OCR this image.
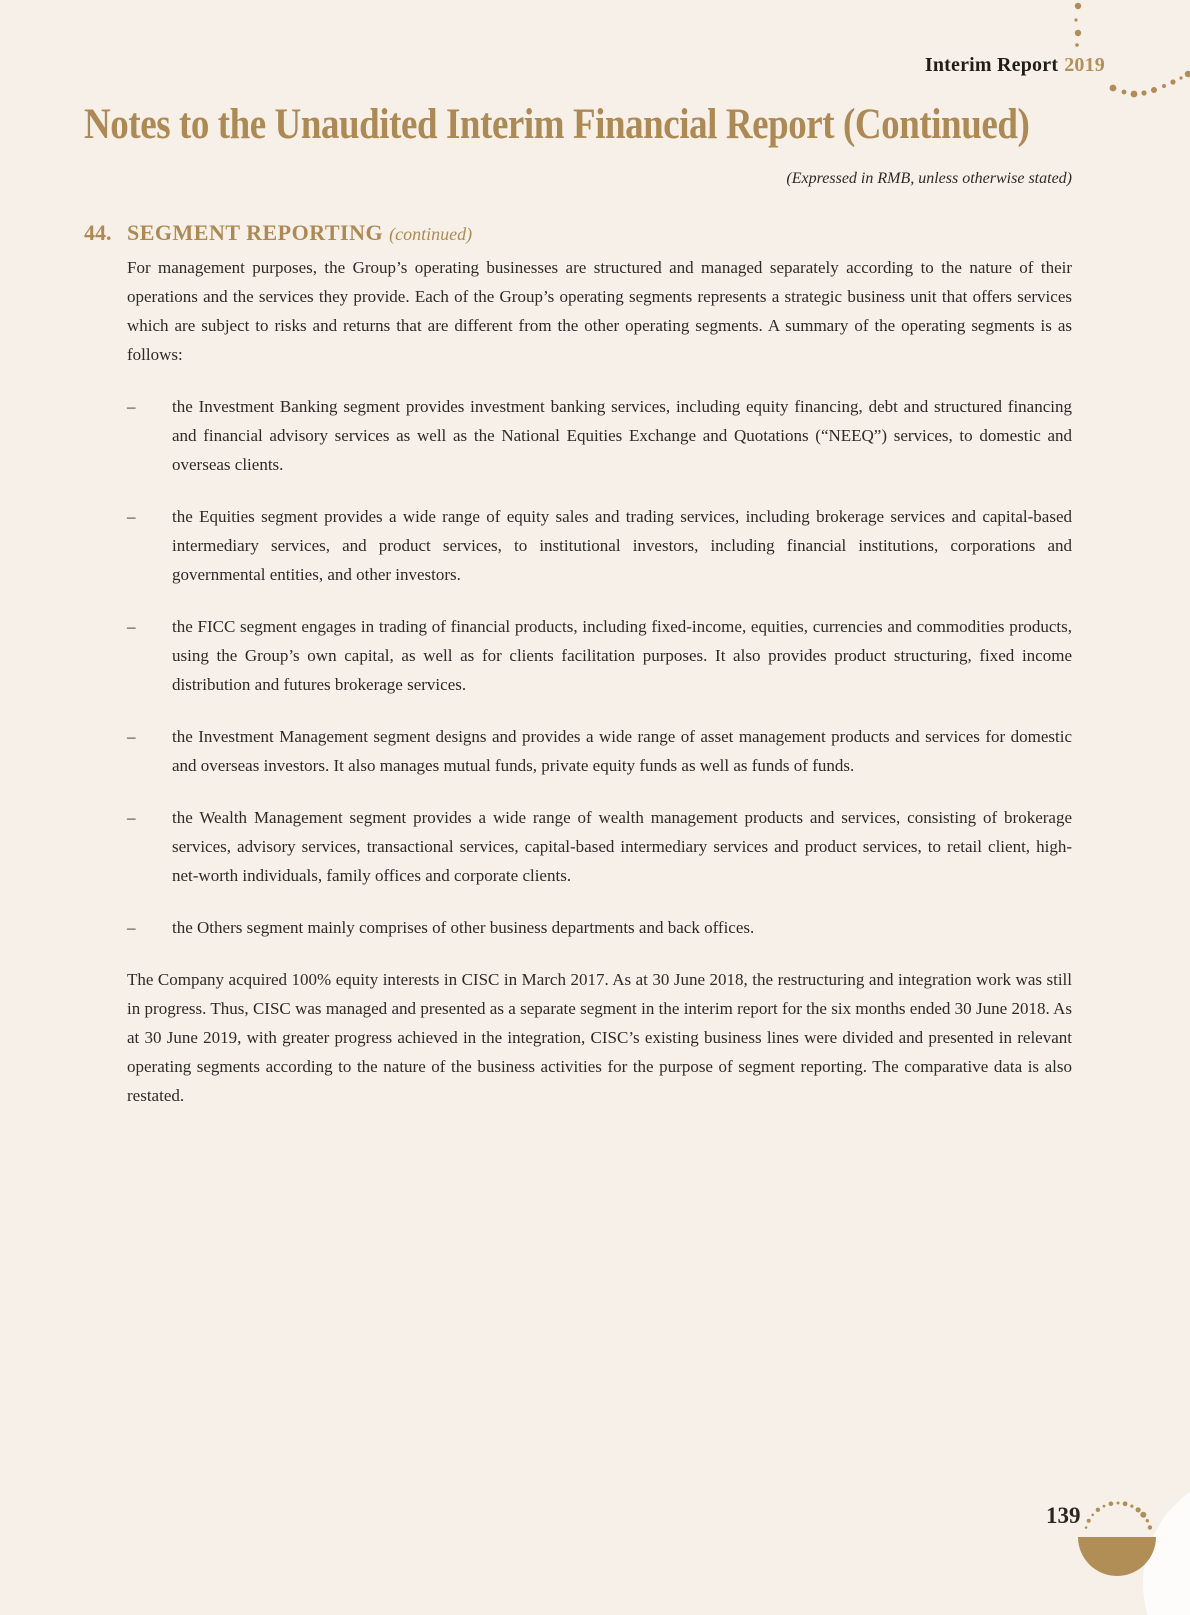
Interim Report 2019
Notes to the Unaudited Interim Financial Report (Continued)
(Expressed in RMB, unless otherwise stated)
44. SEGMENT REPORTING (continued)

For management purposes, the Group’s operating businesses are structured and managed separately according to the nature of their operations and the services they provide. Each of the Group’s operating segments represents a strategic business unit that offers services which are subject to risks and returns that are different from the other operating segments. A summary of the operating segments is as follows:

–	the Investment Banking segment provides investment banking services, including equity financing, debt and structured financing and financial advisory services as well as the National Equities Exchange and Quotations (“NEEQ”) services, to domestic and overseas clients.
–	the Equities segment provides a wide range of equity sales and trading services, including brokerage services and capital-based intermediary services, and product services, to institutional investors, including financial institutions, corporations and governmental entities, and other investors.
–	the FICC segment engages in trading of financial products, including fixed-income, equities, currencies and commodities products, using the Group’s own capital, as well as for clients facilitation purposes. It also provides product structuring, fixed income distribution and futures brokerage services.
–	the Investment Management segment designs and provides a wide range of asset management products and services for domestic and overseas investors. It also manages mutual funds, private equity funds as well as funds of funds.
–	the Wealth Management segment provides a wide range of wealth management products and services, consisting of brokerage services, advisory services, transactional services, capital-based intermediary services and product services, to retail client, high-net-worth individuals, family offices and corporate clients.
–	the Others segment mainly comprises of other business departments and back offices.

The Company acquired 100% equity interests in CISC in March 2017. As at 30 June 2018, the restructuring and integration work was still in progress. Thus, CISC was managed and presented as a separate segment in the interim report for the six months ended 30 June 2018. As at 30 June 2019, with greater progress achieved in the integration, CISC’s existing business lines were divided and presented in relevant operating segments according to the nature of the business activities for the purpose of segment reporting. The comparative data is also restated.

139
